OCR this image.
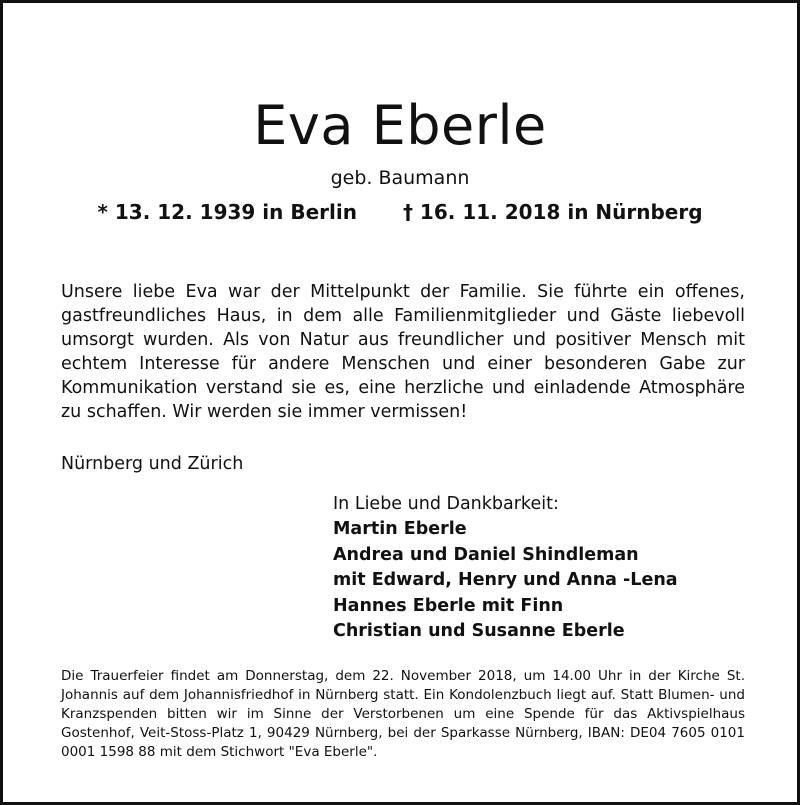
Eva Eberle
geb. Baumann
* 13. 12. 1939 in Berlin † 16. 11. 2018 in Nürnberg
Unsere liebe Eva war der Mittelpunkt der Familie. Sie führte ein offenes, gastfreundliches Haus, in dem alle Familienmitglieder und Gäste liebevoll umsorgt wurden. Als von Natur aus freundlicher und positiver Mensch mit echtem Interesse für andere Menschen und einer besonderen Gabe zur Kommunikation verstand sie es, eine herzliche und einladende Atmosphäre zu schaffen. Wir werden sie immer vermissen!
Nürnberg und Zürich
In Liebe und Dankbarkeit:
Martin Eberle
Andrea und Daniel Shindleman
mit Edward, Henry und Anna -Lena
Hannes Eberle mit Finn
Christian und Susanne Eberle
Die Trauerfeier findet am Donnerstag, dem 22. November 2018, um 14.00 Uhr in der Kirche St. Johannis auf dem Johannisfriedhof in Nürnberg statt. Ein Kondolenzbuch liegt auf. Statt Blumen- und Kranzspenden bitten wir im Sinne der Verstorbenen um eine Spende für das Aktivspielhaus Gostenhof, Veit-Stoss-Platz 1, 90429 Nürnberg, bei der Sparkasse Nürnberg, IBAN: DE04 7605 0101 0001 1598 88 mit dem Stichwort "Eva Eberle".
